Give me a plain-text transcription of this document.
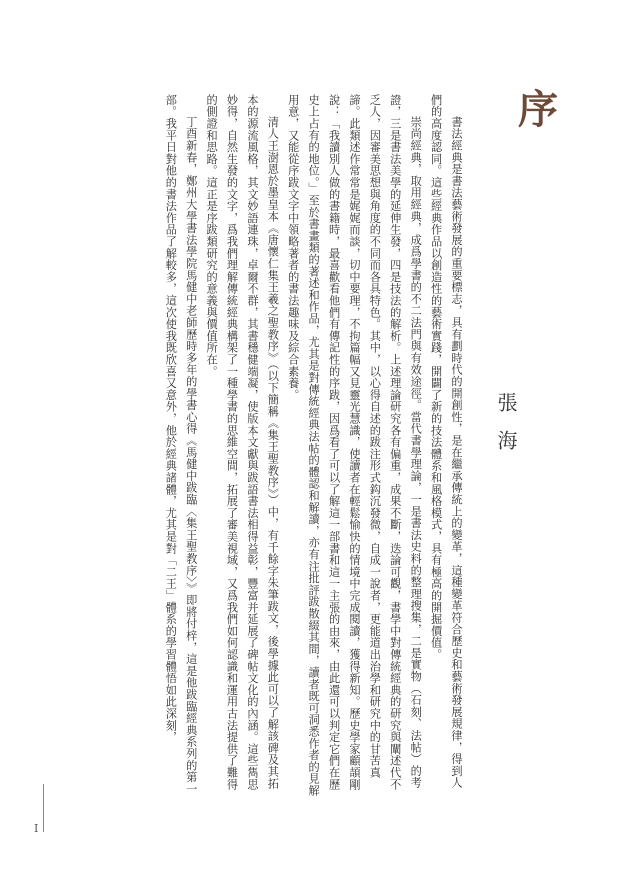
序
張海

書法經典是書法藝術發展的重要標志，具有劃時代的開創性，是在繼承傳統上的變革，這種變革符合歷史和藝術發展規律，得到人們的高度認同。這些經典作品以創造性的藝術實踐，開闢了新的技法體系和風格模式，具有極高的開掘價值。

崇尚經典，取用經典，成爲學書的不二法門與有效途徑。當代書學理論，一是書法史料的整理搜集，二是實物（石刻、法帖）的考證，三是書法美學的延伸生發，四是技法的解析。上述理論研究各有偏重，成果不斷，迭論可觀，書學中對傳統經典的研究與闡述代不乏人，因審美思想與角度的不同而各具特色。其中，以心得自述的跋注形式鈎沉發微，自成一說者，更能道出治學和研究中的甘苦真諦。此類述作常常是娓娓而談，切中要理，不拘篇幅又見靈光慧識，使讀者在輕鬆愉快的情境中完成閱讀，獲得新知。歷史學家顧頡剛說：「我讀別人做的書籍時，最喜歡看他們有傳記性的序跋，因爲看了可以了解這一部書和這一主張的由來，由此還可以判定它們在歷史上占有的地位。」至於書畫類的著述和作品，尤其是對傳統經典法帖的體認和解讀，亦有注批評跋散綴其間，讀者既可洞悉作者的見解用意，又能從序跋文字中領略著者的書法趣味及綜合素養。

清人王澍恩於墨皇本《唐懷仁集王羲之聖教序》（以下簡稱《集王聖教序》）中，有千餘字朱筆跋文，後學據此可以了解該碑及其拓本的源流風格，其文妙語連珠，卓爾不群，其書穩健端凝，使版本文獻與跋語書法相得益彰，豐富并延展了碑帖文化的內涵。這些雋思妙得，自然生發的文字，爲我們理解傳統經典構架了一種學書的思維空間，拓展了審美視域，又爲我們如何認識和運用古法提供了難得的側證和思路。這正是序跋類研究的意義與價值所在。

丁酉新春，鄭州大學書法學院馬健中老師歷時多年的學書心得《馬健中跋臨〈集王聖教序〉》即將付梓，這是他跋臨經典系列的第一部。我平日對他的書法作品了解較多，這次使我既欣喜又意外，他於經典諸體，尤其是對「二王」體系的學習體悟如此深刻，

I
